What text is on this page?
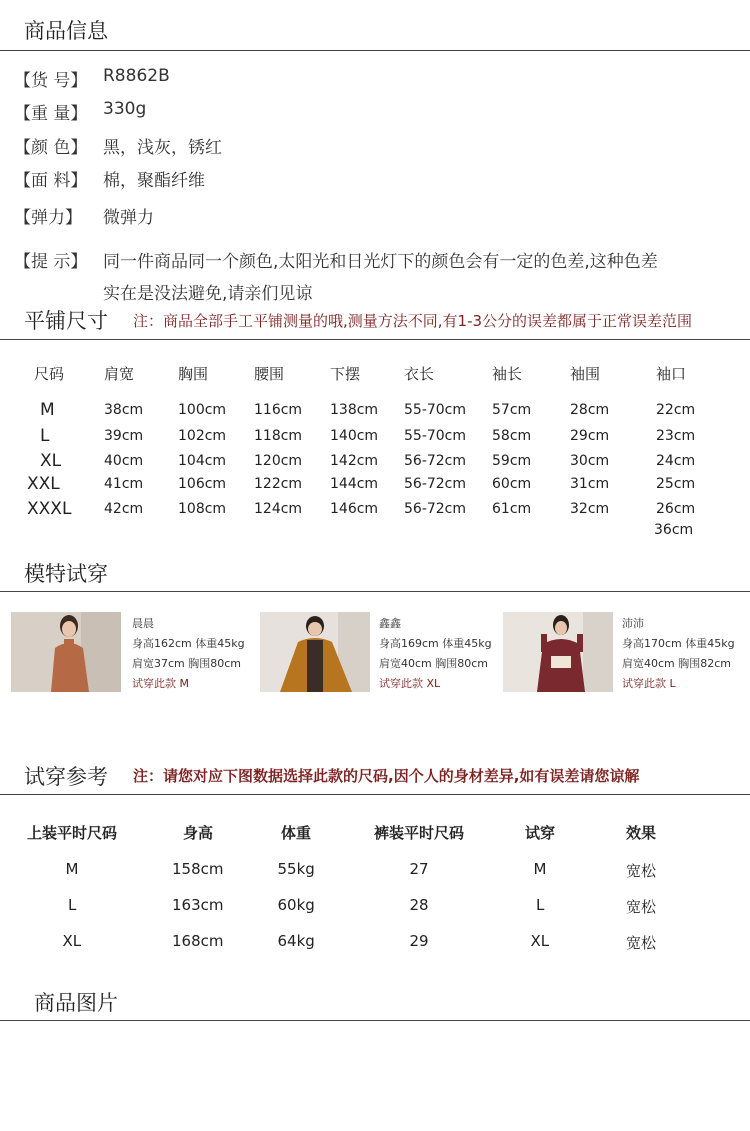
商品信息
【货 号】 R8862B
【重 量】 330g
【颜 色】 黑，浅灰，锈红
【面 料】 棉，聚酯纤维
【弹力】 微弹力
【提 示】 同一件商品同一个颜色,太阳光和日光灯下的颜色会有一定的色差,这种色差
实在是没法避免,请亲们见谅
平铺尺寸 注：商品全部手工平铺测量的哦,测量方法不同,有1-3公分的误差都属于正常误差范围
尺码	肩宽	胸围	腰围	下摆	衣长	袖长	袖围	袖口
M	38cm 100cm 116cm 138cm 55-70cm 57cm	28cm	22cm
L	39cm 102cm 118cm 140cm 55-70cm 58cm	29cm	23cm
XL	40cm 104cm 120cm 142cm 56-72cm 59cm	30cm	24cm
XXL	41cm 106cm 122cm 144cm 56-72cm 60cm	31cm	25cm
XXXL 42cm 108cm 124cm 146cm 56-72cm 61cm	32cm	26cm
36cm
模特试穿
晨晨
身高162cm 体重45kg
肩宽37cm 胸围80cm
试穿此款 M
鑫鑫
身高169cm 体重45kg
肩宽40cm 胸围80cm
试穿此款 XL
沛沛
身高170cm 体重45kg
肩宽40cm 胸围82cm
试穿此款 L
试穿参考 注：请您对应下图数据选择此款的尺码,因个人的身材差异,如有误差请您谅解
上装平时尺码	身高	体重	裤装平时尺码	试穿	效果
M	158cm	55kg	27	M	宽松
L	163cm	60kg	28	L	宽松
XL	168cm	64kg	29	XL	宽松
商品图片
